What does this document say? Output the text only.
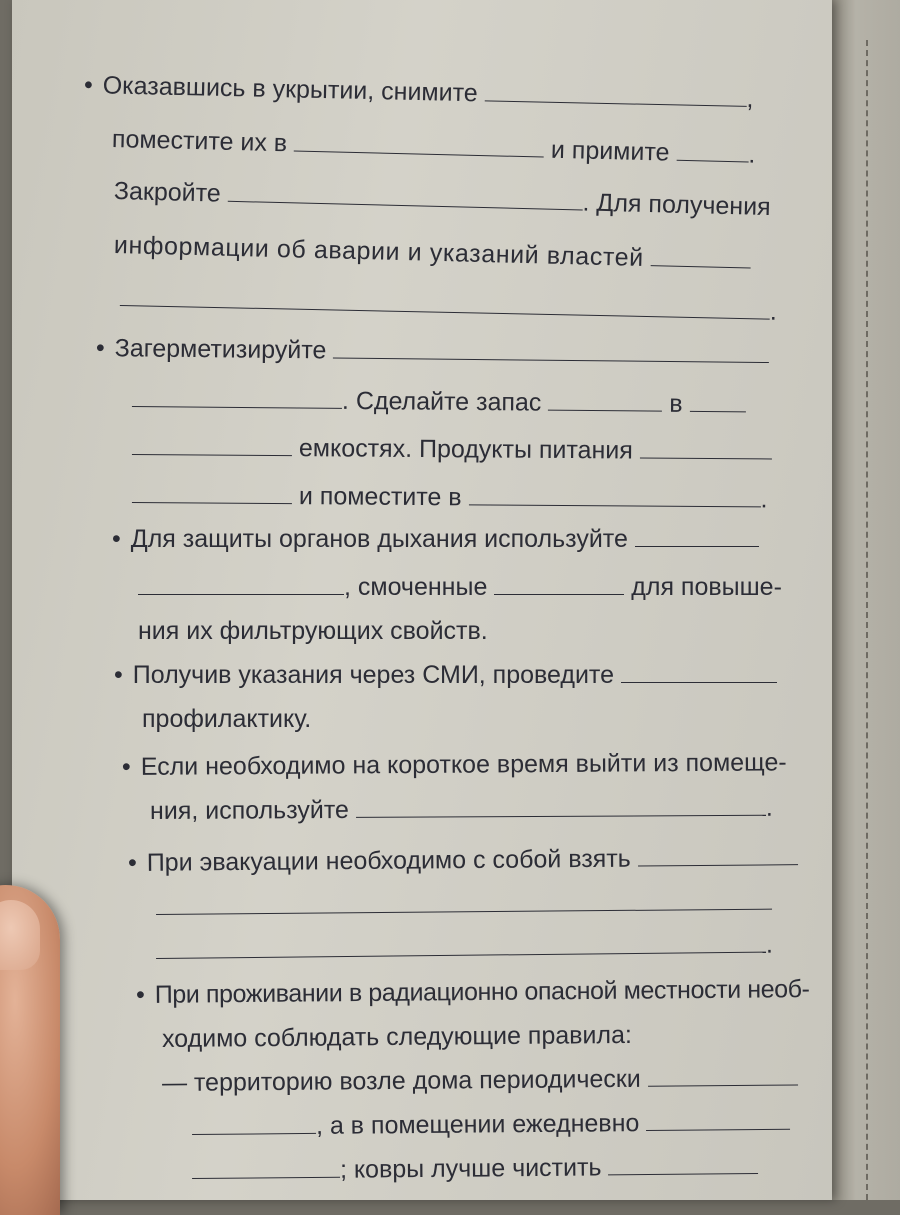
• Оказавшись в укрытии, снимите	,
поместите их в	и примите	.
Закройте	. Для получения
информации об аварии и указаний властей
.
• Загерметизируйте
. Сделайте запас	в
емкостях. Продукты питания
и поместите в	.
• Для защиты органов дыхания используйте
, смоченные	для повыше-
ния их фильтрующих свойств.
• Получив указания через СМИ, проведите
профилактику.
• Если необходимо на короткое время выйти из помеще-
ния, используйте	.
• При эвакуации необходимо с собой взять
.
• При проживании в радиационно опасной местности необ-
ходимо соблюдать следующие правила:
— территорию возле дома периодически
, а в помещении ежедневно
; ковры лучше чистить
